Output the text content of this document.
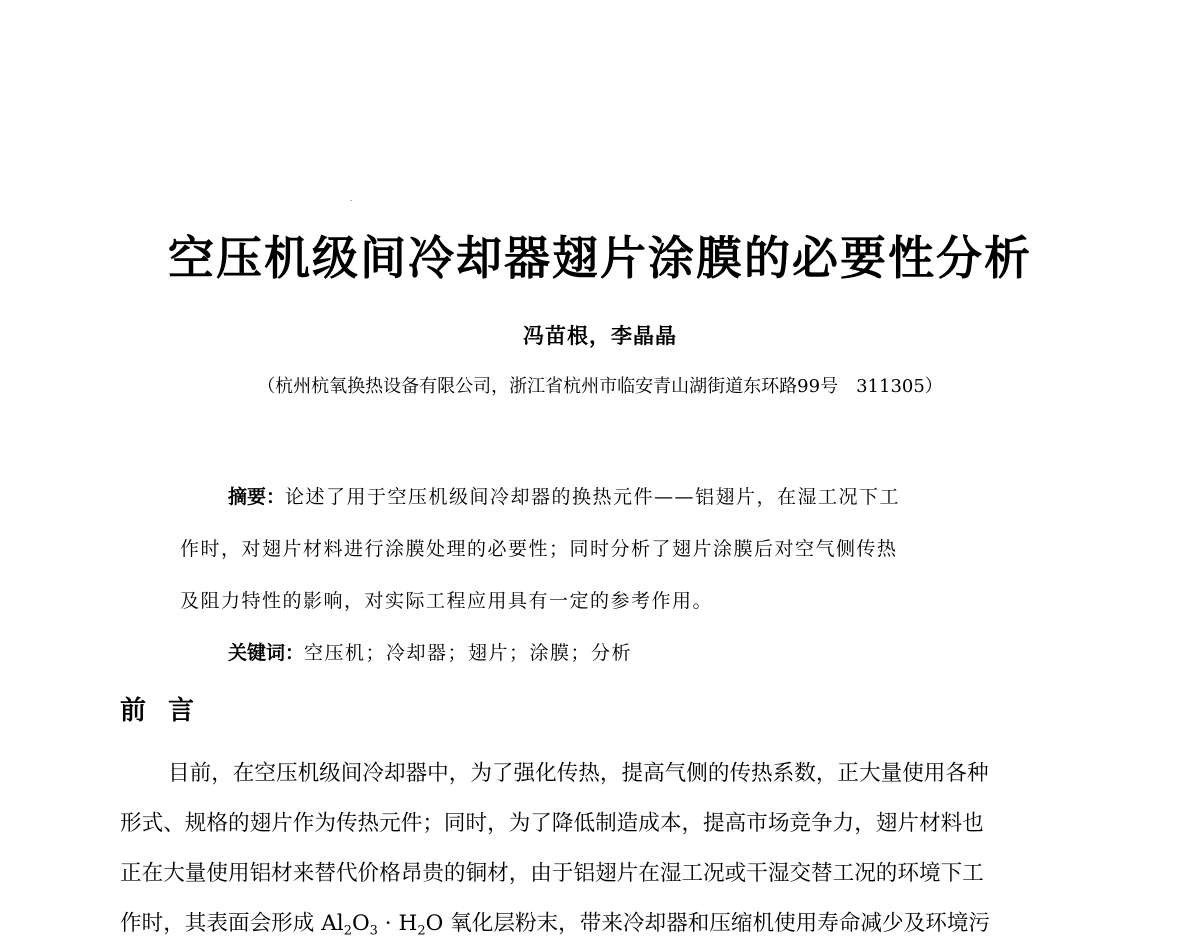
空压机级间冷却器翅片涂膜的必要性分析
冯苗根，李晶晶
（杭州杭氧换热设备有限公司，浙江省杭州市临安青山湖街道东环路99号　311305）
摘要：论述了用于空压机级间冷却器的换热元件——铝翅片，在湿工况下工
作时，对翅片材料进行涂膜处理的必要性；同时分析了翅片涂膜后对空气侧传热
及阻力特性的影响，对实际工程应用具有一定的参考作用。
关键词：空压机；冷却器；翅片；涂膜；分析
前言
目前，在空压机级间冷却器中，为了强化传热，提高气侧的传热系数，正大量使用各种
形式、规格的翅片作为传热元件；同时，为了降低制造成本，提高市场竞争力，翅片材料也
正在大量使用铝材来替代价格昂贵的铜材，由于铝翅片在湿工况或干湿交替工况的环境下工
作时，其表面会形成 $Al_2O_3 \cdot H_2O$ 氧化层粉末，带来冷却器和压缩机使用寿命减少及环境污
